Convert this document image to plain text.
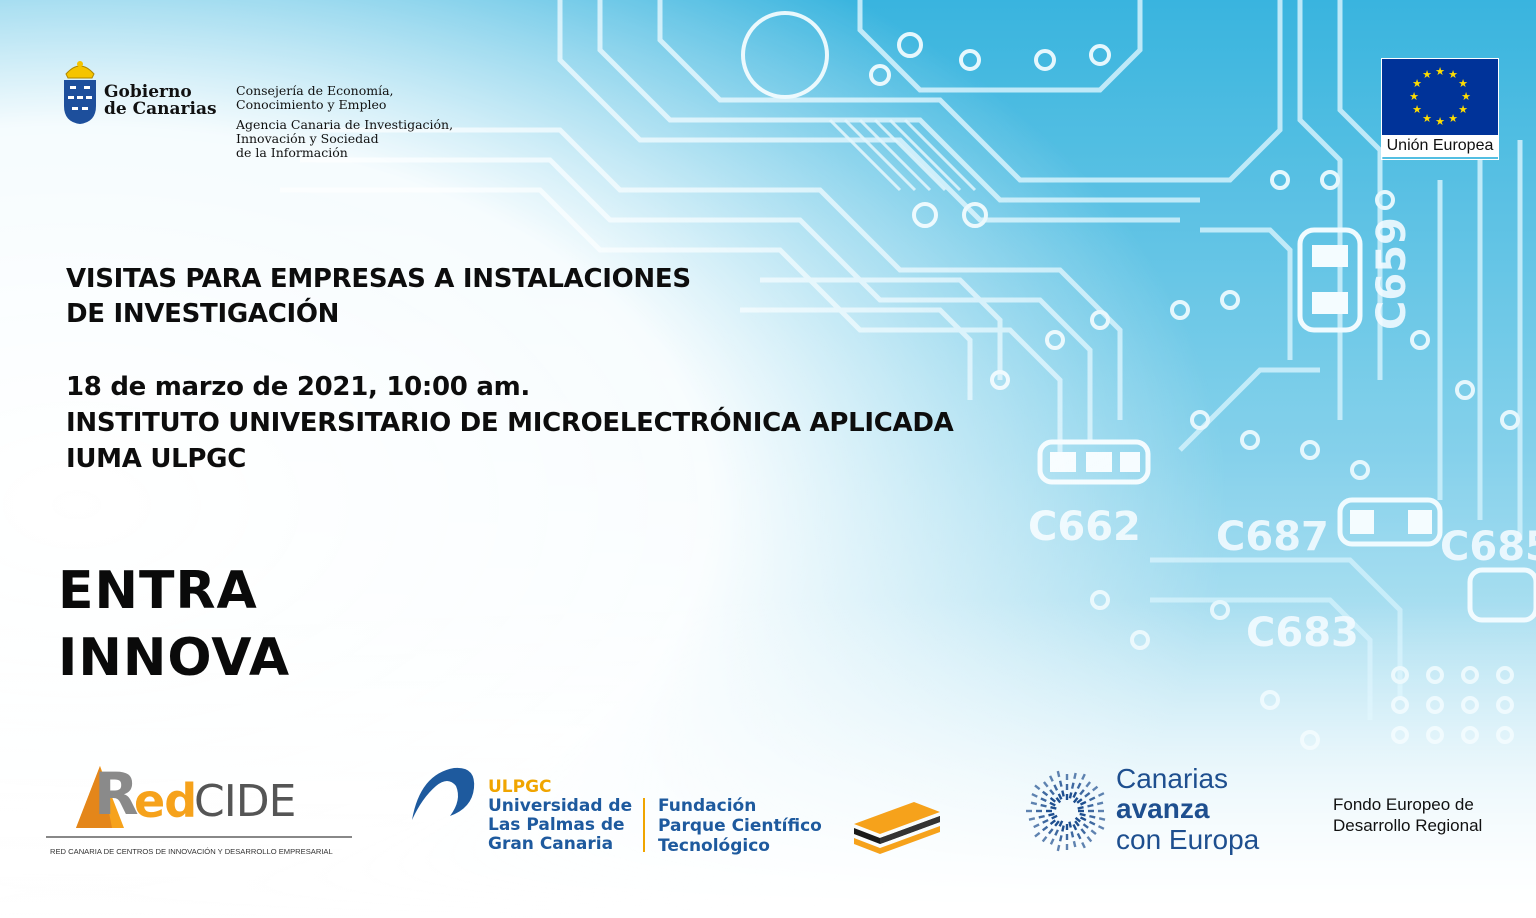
Gobierno
de Canarias
Consejería de Economía,
Conocimiento y Empleo
Agencia Canaria de Investigación,
Innovación y Sociedad
de la Información
★ ★
★
★
★
★
★
★
★
★
★
★
Unión Europea
VISITAS PARA EMPRESAS A INSTALACIONES
DE INVESTIGACIÓN
18 de marzo de 2021, 10:00 am.
INSTITUTO UNIVERSITARIO DE MICROELECTRÓNICA APLICADA
IUMA ULPGC
ENTRA
INNOVA
R
ed
CIDE
RED CANARIA DE CENTROS DE INNOVACIÓN Y DESARROLLO EMPRESARIAL
ULPGC
Universidad de
Las Palmas de
Gran Canaria
Fundación
Parque Científico
Tecnológico
Canarias
avanza
con Europa
Fondo Europeo de
Desarrollo Regional
